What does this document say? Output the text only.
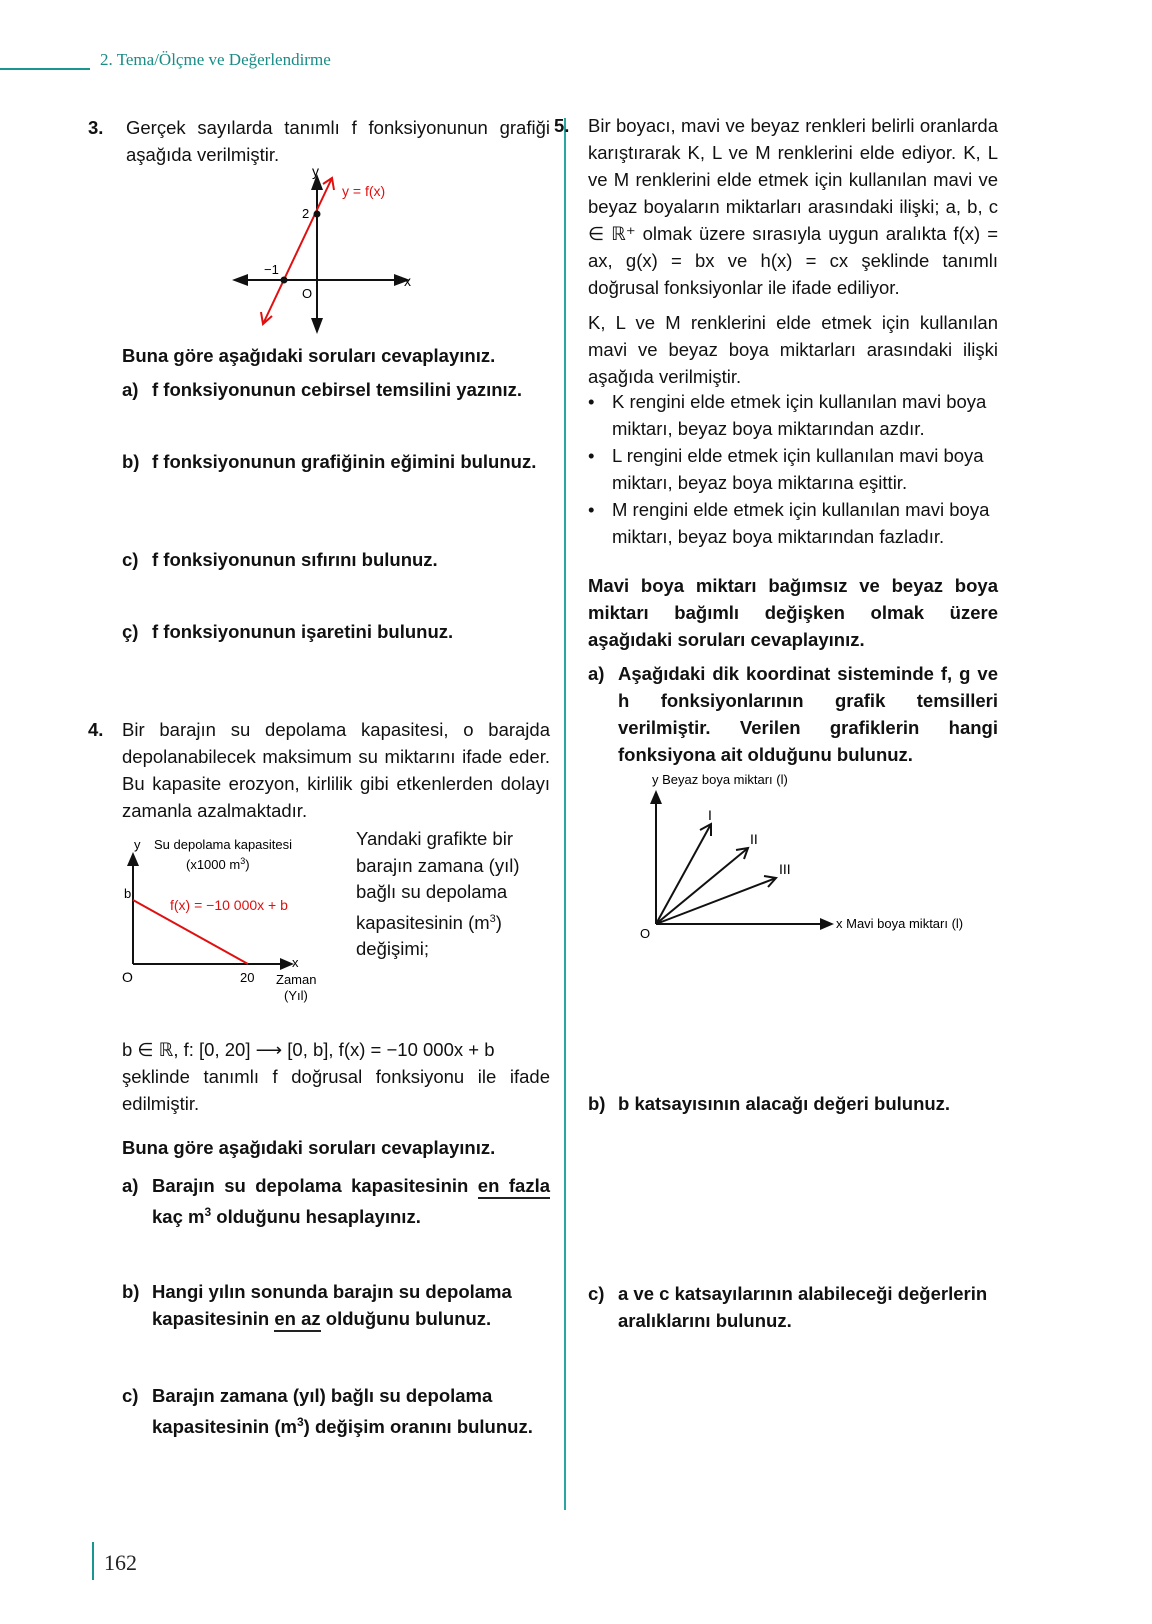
2. Tema/Ölçme ve Değerlendirme
3. Gerçek sayılarda tanımlı f fonksiyonunun grafiği aşağıda verilmiştir.
y
y = f(x)
2
−1
O
x
Buna göre aşağıdaki soruları cevaplayınız.
a) f fonksiyonunun cebirsel temsilini yazınız.
b) f fonksiyonunun grafiğinin eğimini bulunuz.
c) f fonksiyonunun sıfırını bulunuz.
ç) f fonksiyonunun işaretini bulunuz.
4. Bir barajın su depolama kapasitesi, o barajda depolanabilecek maksimum su miktarını ifade eder. Bu kapasite erozyon, kirlilik gibi etkenlerden dolayı zamanla azalmaktadır.
y Su depolama kapasitesi
(x1000 $m^3$)
b
f(x) = −10 000x + b
O	20
x
Zaman
(Yıl)
Yandaki grafikte bir
barajın zamana (yıl)
bağlı su depolama
kapasitesinin $(m^3)$
değişimi;
b ∈ ℝ, f: [0, 20] ⟶ [0, b], f(x) = −10 000x + b
şeklinde tanımlı f doğrusal fonksiyonu ile ifade edilmiştir.
Buna göre aşağıdaki soruları cevaplayınız.
a) Barajın su depolama kapasitesinin en fazla kaç $m^3$ olduğunu hesaplayınız.
b) Hangi yılın sonunda barajın su depolama kapasitesinin en az olduğunu bulunuz.
c) Barajın zamana (yıl) bağlı su depolama kapasitesinin $(m^3)$ değişim oranını bulunuz.
5. Bir boyacı, mavi ve beyaz renkleri belirli oranlarda karıştırarak K, L ve M renklerini elde ediyor. K, L ve M renklerini elde etmek için kullanılan mavi ve beyaz boyaların miktarları arasındaki ilişki; a, b, c ∈ ℝ⁺ olmak üzere sırasıyla uygun aralıkta f(x) = ax, g(x) = bx ve h(x) = cx şeklinde tanımlı doğrusal fonksiyonlar ile ifade ediliyor.
K, L ve M renklerini elde etmek için kullanılan mavi ve beyaz boya miktarları arasındaki ilişki aşağıda verilmiştir.
• K rengini elde etmek için kullanılan mavi boya miktarı, beyaz boya miktarından azdır.
• L rengini elde etmek için kullanılan mavi boya miktarı, beyaz boya miktarına eşittir.
• M rengini elde etmek için kullanılan mavi boya miktarı, beyaz boya miktarından fazladır.
Mavi boya miktarı bağımsız ve beyaz boya miktarı bağımlı değişken olmak üzere aşağıdaki soruları cevaplayınız.
a) Aşağıdaki dik koordinat sisteminde f, g ve h fonksiyonlarının grafik temsilleri verilmiştir. Verilen grafiklerin hangi fonksiyona ait olduğunu bulunuz.
y Beyaz boya miktarı (l)
I
II
III
O
x Mavi boya miktarı (l)
b) b katsayısının alacağı değeri bulunuz.
c) a ve c katsayılarının alabileceği değerlerin aralıklarını bulunuz.
162
